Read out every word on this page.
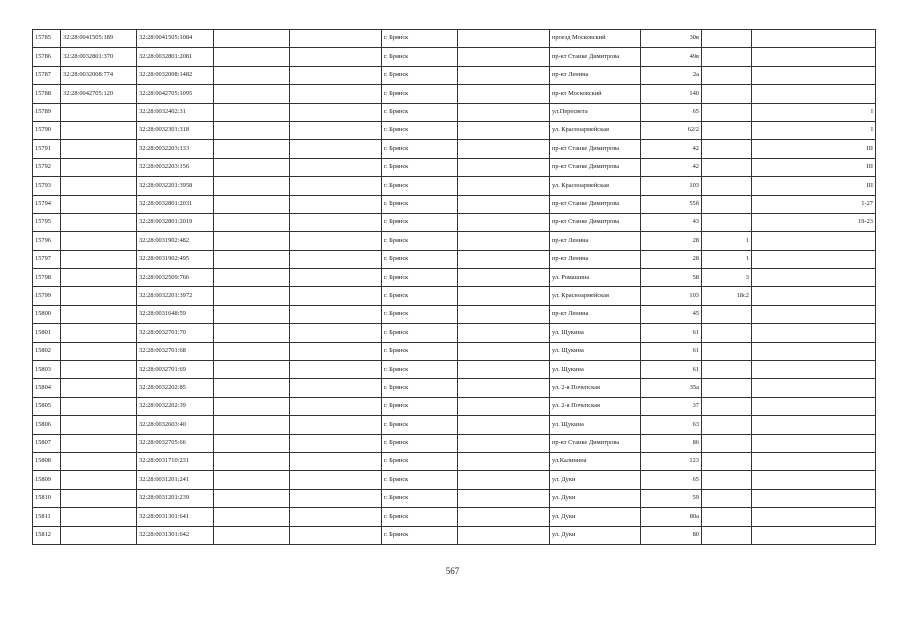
15785	32:28:0041505:189	32:28:0041505:1084			г. Брянск		проезд Московский	30в		
15786	32:28:0032801:370	32:28:0032801:2081			г. Брянск		пр-кт Станке Димитрова	49в		
15787	32:28:0032008:774	32:28:0032008:1482			г. Брянск		пр-кт Ленина	2а		
15788	32:28:0042705:120	32:28:0042705:1095			г. Брянск		пр-кт Московский	140		
15789		32:28:0032402:31			г. Брянск		ул.Пересвета	65		I
15790		32:28:0032301:318			г. Брянск		ул. Красноармейская	62/2		I
15791		32:28:0032203:133			г. Брянск		пр-кт Станке Димитрова	42		III
15792		32:28:0032203:156			г. Брянск		пр-кт Станке Димитрова	42		III
15793		32:28:0032201:3958			г. Брянск		ул. Красноармейская	103		III
15794		32:28:0032801:2031			г. Брянск		пр-кт Станке Димитрова	55б		1-27
15795		32:28:0032801:2019			г. Брянск		пр-кт Станке Димитрова	43		19-23
15796		32:28:0031902:482			г. Брянск		пр-кт Ленина	28	1	
15797		32:28:0031902:495			г. Брянск		пр-кт Ленина	28	1	
15798		32:28:0032509:766			г. Брянск		ул. Ромашина	58	3	
15799		32:28:0032201:3972			г. Брянск		ул. Красноармейская	103	18с2	
15800		32:28:0031648:59			г. Брянск		пр-кт Ленина	45		
15801		32:28:0032701:70			г. Брянск		ул. Щукина	61		
15802		32:28:0032701:68			г. Брянск		ул. Щукина	61		
15803		32:28:0032701:69			г. Брянск		ул. Щукина	61		
15804		32:28:0032202:85			г. Брянск		ул. 2-я Почепская	35а		
15805		32:28:0032202:39			г. Брянск		ул. 2-я Почепская	37		
15806		32:28:0032603:40			г. Брянск		ул. Щукина	63		
15807		32:28:0032705:66			г. Брянск		пр-кт Станке Димитрова	86		
15808		32:28:0031710:231			г. Брянск		ул.Калинина	123		
15809		32:28:0031201:241			г. Брянск		ул. Дуки	65		
15810		32:28:0031201:239			г. Брянск		ул. Дуки	59		
15811		32:28:0031301:641			г. Брянск		ул. Дуки	80а		
15812		32:28:0031301:642			г. Брянск		ул. Дуки	80		
567
